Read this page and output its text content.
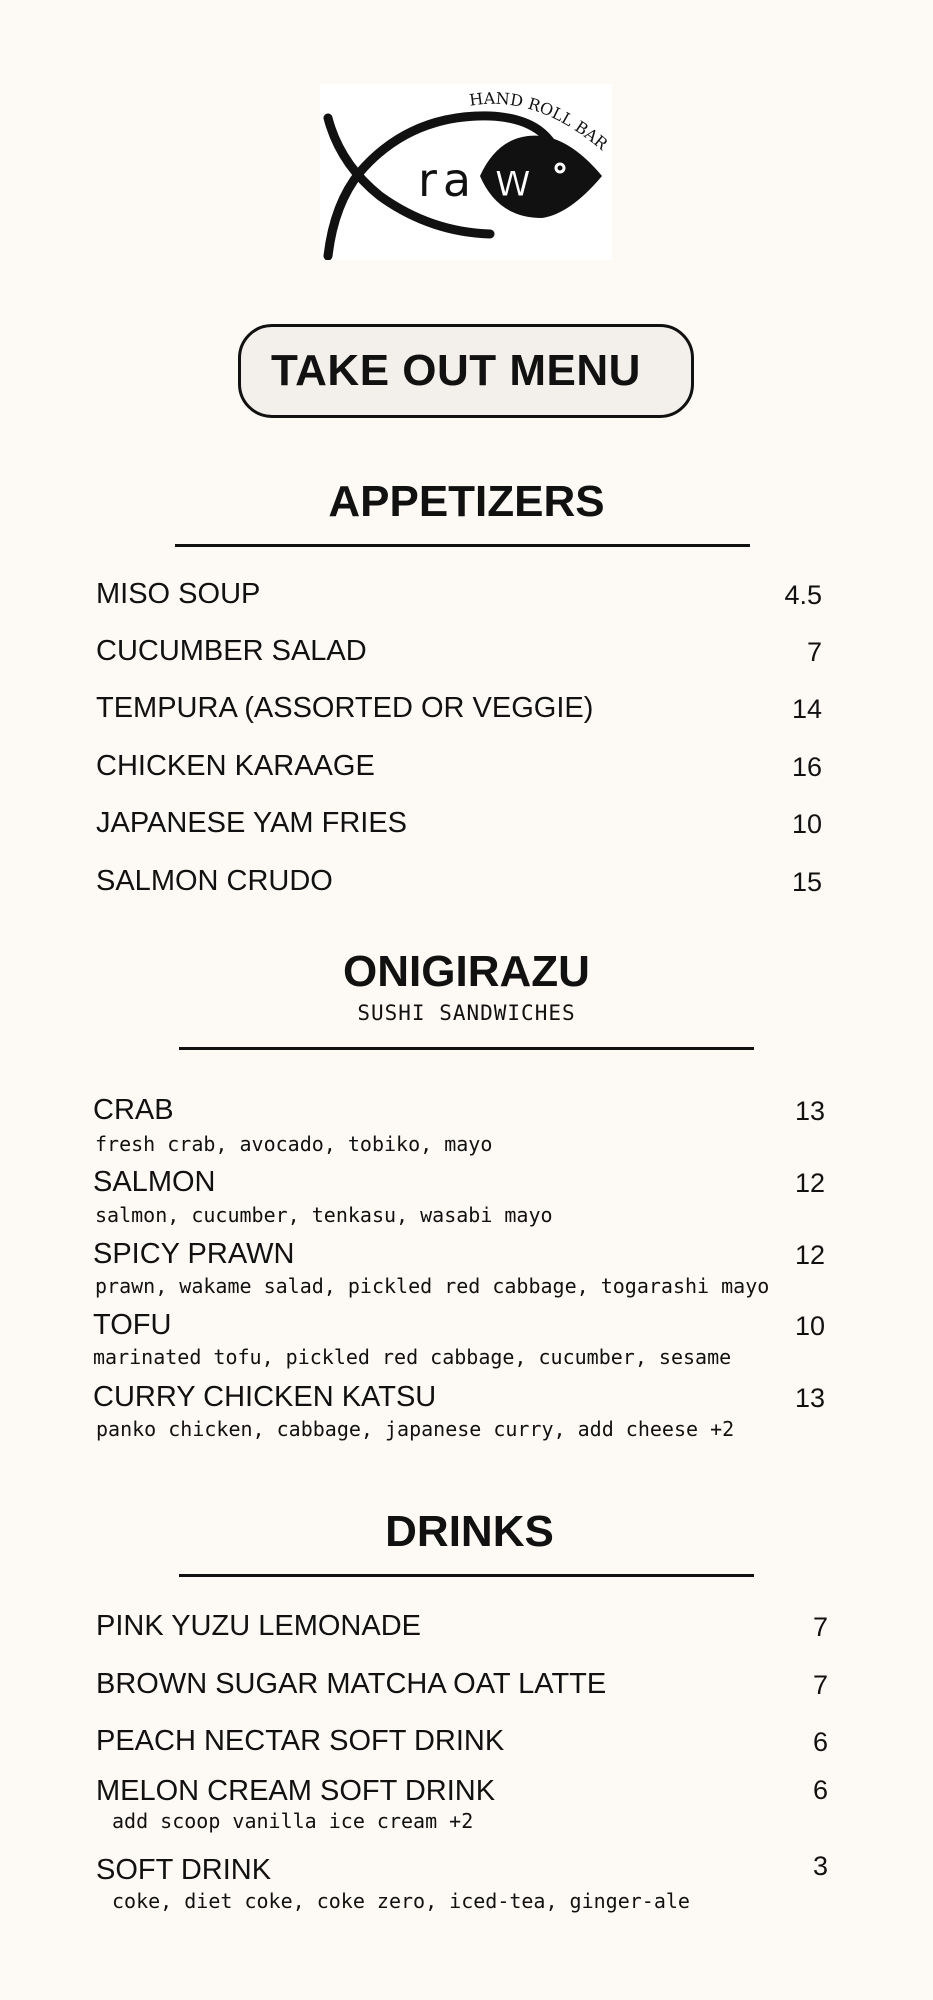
ra w
HAND ROLL BAR
TAKE OUT MENU
APPETIZERS
MISO SOUP	4.5
CUCUMBER SALAD	7
TEMPURA (ASSORTED OR VEGGIE)	14
CHICKEN KARAAGE	16
JAPANESE YAM FRIES	10
SALMON CRUDO	15
ONIGIRAZU
SUSHI SANDWICHES
CRAB	13
fresh crab, avocado, tobiko, mayo
SALMON	12
salmon, cucumber, tenkasu, wasabi mayo
SPICY PRAWN	12
prawn, wakame salad, pickled red cabbage, togarashi mayo
TOFU	10
marinated tofu, pickled red cabbage, cucumber, sesame
CURRY CHICKEN KATSU	13
panko chicken, cabbage, japanese curry, add cheese +2
DRINKS
PINK YUZU LEMONADE	7
BROWN SUGAR MATCHA OAT LATTE	7
PEACH NECTAR SOFT DRINK	6
MELON CREAM SOFT DRINK	6
add scoop vanilla ice cream +2
SOFT DRINK	3
coke, diet coke, coke zero, iced-tea, ginger-ale
